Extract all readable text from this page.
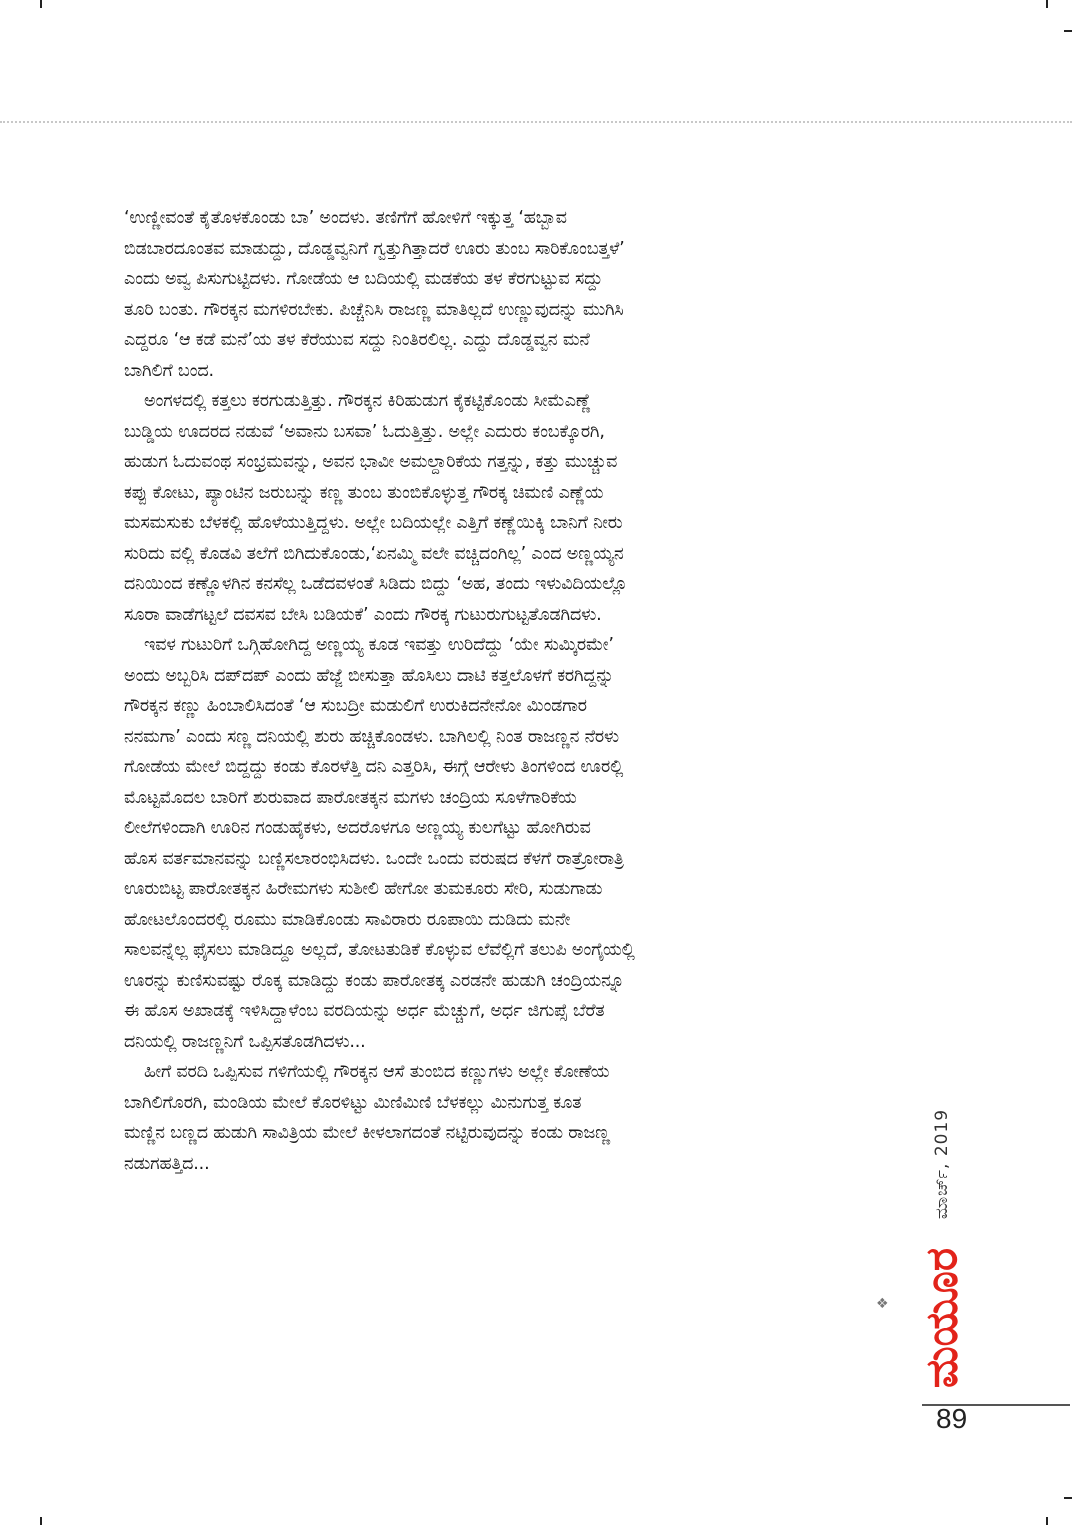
‘ಉಣ್ಣೀವಂತೆ ಕೈತೊಳಕೊಂಡು ಬಾ’ ಅಂದಳು. ತಣಿಗೆಗೆ ಹೋಳಿಗೆ ಇಕ್ಕುತ್ತ ‘ಹಬ್ಬಾವ
ಬಿಡಬಾರದೂಂತವ ಮಾಡುದ್ದು, ದೊಡ್ಡವ್ವನಿಗೆ ಗ್ವತ್ತುಗಿತ್ತಾದರೆ ಊರು ತುಂಬ ಸಾರಿಕೊಂಬತ್ತಳೆ’
ಎಂದು ಅವ್ವ ಪಿಸುಗುಟ್ಟಿದಳು. ಗೋಡೆಯ ಆ ಬದಿಯಲ್ಲಿ ಮಡಕೆಯ ತಳ ಕೆರಗುಟ್ಟುವ ಸದ್ದು
ತೂರಿ ಬಂತು. ಗೌರಕ್ಕನ ಮಗಳಿರಬೇಕು. ಪಿಚ್ಚೆನಿಸಿ ರಾಜಣ್ಣ ಮಾತಿಲ್ಲದೆ ಉಣ್ಣುವುದನ್ನು ಮುಗಿಸಿ
ಎದ್ದರೂ ‘ಆ ಕಡೆ ಮನೆ’ಯ ತಳ ಕೆರೆಯುವ ಸದ್ದು ನಿಂತಿರಲಿಲ್ಲ. ಎದ್ದು ದೊಡ್ಡವ್ವನ ಮನೆ
ಬಾಗಿಲಿಗೆ ಬಂದ.
ಅಂಗಳದಲ್ಲಿ ಕತ್ತಲು ಕರಗುಡುತ್ತಿತ್ತು. ಗೌರಕ್ಕನ ಕಿರಿಹುಡುಗ ಕೈಕಟ್ಟಿಕೊಂಡು ಸೀಮೆಎಣ್ಣೆ
ಬುಡ್ಡಿಯ ಊದರದ ನಡುವೆ ‘ಅವಾನು ಬಸವಾ’ ಓದುತ್ತಿತ್ತು. ಅಲ್ಲೇ ಎದುರು ಕಂಬಕ್ಕೊರಗಿ,
ಹುಡುಗ ಓದುವಂಥ ಸಂಭ್ರಮವನ್ನು, ಅವನ ಭಾವೀ ಅಮಲ್ದಾರಿಕೆಯ ಗತ್ತನ್ನು, ಕತ್ತು ಮುಚ್ಚುವ
ಕಪ್ಪು ಕೋಟು, ಪ್ಯಾಂಟಿನ ಜರುಬನ್ನು ಕಣ್ಣ ತುಂಬ ತುಂಬಿಕೊಳ್ಳುತ್ತ ಗೌರಕ್ಕ ಚಿಮಣಿ ಎಣ್ಣೆಯ
ಮಸಮಸುಕು ಬೆಳಕಲ್ಲಿ ಹೊಳೆಯುತ್ತಿದ್ದಳು. ಅಲ್ಲೇ ಬದಿಯಲ್ಲೇ ಎತ್ತಿಗೆ ಕಣ್ಣೆಯಿಕ್ಕಿ ಬಾನಿಗೆ ನೀರು
ಸುರಿದು ವಲ್ಲಿ ಕೊಡವಿ ತಲೆಗೆ ಬಿಗಿದುಕೊಂಡು,‘ಏನಮ್ಮಿ ವಲೇ ವಚ್ಚಿದಂಗಿಲ್ಲ’ ಎಂದ ಅಣ್ಣಯ್ಯನ
ದನಿಯಿಂದ ಕಣ್ಣೊಳಗಿನ ಕನಸೆಲ್ಲ ಒಡೆದವಳಂತೆ ಸಿಡಿದು ಬಿದ್ದು ‘ಅಹ, ತಂದು ಇಳುವಿದಿಯಲ್ಲೊ
ಸೂರಾ ವಾಡೆಗಟ್ಟಲೆ ದವಸವ ಬೇಸಿ ಬಡಿಯಕೆ’ ಎಂದು ಗೌರಕ್ಕ ಗುಟುರುಗುಟ್ಟತೊಡಗಿದಳು.
ಇವಳ ಗುಟುರಿಗೆ ಒಗ್ಗಿಹೋಗಿದ್ದ ಅಣ್ಣಯ್ಯ ಕೂಡ ಇವತ್ತು ಉರಿದೆದ್ದು ‘ಯೇ ಸುಮ್ಕಿರಮೇ’
ಅಂದು ಅಬ್ಬರಿಸಿ ದಪ್‌ದಪ್ ಎಂದು ಹೆಜ್ಜೆ ಬೀಸುತ್ತಾ ಹೊಸಿಲು ದಾಟಿ ಕತ್ತಲೊಳಗೆ ಕರಗಿದ್ದನ್ನು
ಗೌರಕ್ಕನ ಕಣ್ಣು ಹಿಂಬಾಲಿಸಿದಂತೆ ‘ಆ ಸುಬದ್ರೀ ಮಡುಲಿಗೆ ಉರುಕಿದನೇನೋ ಮಿಂಡಗಾರ
ನನಮಗಾ’ ಎಂದು ಸಣ್ಣ ದನಿಯಲ್ಲಿ ಶುರು ಹಚ್ಚಿಕೊಂಡಳು. ಬಾಗಿಲಲ್ಲಿ ನಿಂತ ರಾಜಣ್ಣನ ನೆರಳು
ಗೋಡೆಯ ಮೇಲೆ ಬಿದ್ದದ್ದು ಕಂಡು ಕೊರಳೆತ್ತಿ ದನಿ ಎತ್ತರಿಸಿ, ಈಗ್ಗೆ ಆರೇಳು ತಿಂಗಳಿಂದ ಊರಲ್ಲಿ
ಮೊಟ್ಟಮೊದಲ ಬಾರಿಗೆ ಶುರುವಾದ ಪಾರೋತಕ್ಕನ ಮಗಳು ಚಂದ್ರಿಯ ಸೂಳೆಗಾರಿಕೆಯ
ಲೀಲೆಗಳಿಂದಾಗಿ ಊರಿನ ಗಂಡುಹೈಕಳು, ಅದರೊಳಗೂ ಅಣ್ಣಯ್ಯ ಕುಲಗೆಟ್ಟು ಹೋಗಿರುವ
ಹೊಸ ವರ್ತಮಾನವನ್ನು ಬಣ್ಣಿಸಲಾರಂಭಿಸಿದಳು. ಒಂದೇ ಒಂದು ವರುಷದ ಕೆಳಗೆ ರಾತ್ರೋರಾತ್ರಿ
ಊರುಬಿಟ್ಟ ಪಾರೋತಕ್ಕನ ಹಿರೇಮಗಳು ಸುಶೀಲಿ ಹೇಗೋ ತುಮಕೂರು ಸೇರಿ, ಸುಡುಗಾಡು
ಹೋಟಲೊಂದರಲ್ಲಿ ರೂಮು ಮಾಡಿಕೊಂಡು ಸಾವಿರಾರು ರೂಪಾಯಿ ದುಡಿದು ಮನೇ
ಸಾಲವನ್ನೆಲ್ಲ ಫೈಸಲು ಮಾಡಿದ್ದೂ ಅಲ್ಲದೆ, ತೋಟತುಡಿಕೆ ಕೊಳ್ಳುವ ಲೆವೆಲ್ಲಿಗೆ ತಲುಪಿ ಅಂಗೈಯಲ್ಲಿ
ಊರನ್ನು ಕುಣಿಸುವಷ್ಟು ರೊಕ್ಕ ಮಾಡಿದ್ದು ಕಂಡು ಪಾರೋತಕ್ಕ ಎರಡನೇ ಹುಡುಗಿ ಚಂದ್ರಿಯನ್ನೂ
ಈ ಹೊಸ ಅಖಾಡಕ್ಕೆ ಇಳಿಸಿದ್ದಾಳೆಂಬ ವರದಿಯನ್ನು ಅರ್ಧ ಮೆಚ್ಚುಗೆ, ಅರ್ಧ ಜಿಗುಪ್ಸೆ ಬೆರೆತ
ದನಿಯಲ್ಲಿ ರಾಜಣ್ಣನಿಗೆ ಒಪ್ಪಿಸತೊಡಗಿದಳು...
ಹೀಗೆ ವರದಿ ಒಪ್ಪಿಸುವ ಗಳಿಗೆಯಲ್ಲಿ ಗೌರಕ್ಕನ ಆಸೆ ತುಂಬಿದ ಕಣ್ಣುಗಳು ಅಲ್ಲೇ ಕೋಣೆಯ
ಬಾಗಿಲಿಗೊರಗಿ, ಮಂಡಿಯ ಮೇಲೆ ಕೊರಳಿಟ್ಟು ಮಿಣಿಮಿಣಿ ಬೆಳಕಲ್ಲು ಮಿನುಗುತ್ತ ಕೂತ
ಮಣ್ಣಿನ ಬಣ್ಣದ ಹುಡುಗಿ ಸಾವಿತ್ರಿಯ ಮೇಲೆ ಕೀಳಲಾಗದಂತೆ ನಟ್ಟಿರುವುದನ್ನು ಕಂಡು ರಾಜಣ್ಣ
ನಡುಗಹತ್ತಿದ...
❖
ಮಾರ್ಚ್, 2019
ಮಯೂರ
89
